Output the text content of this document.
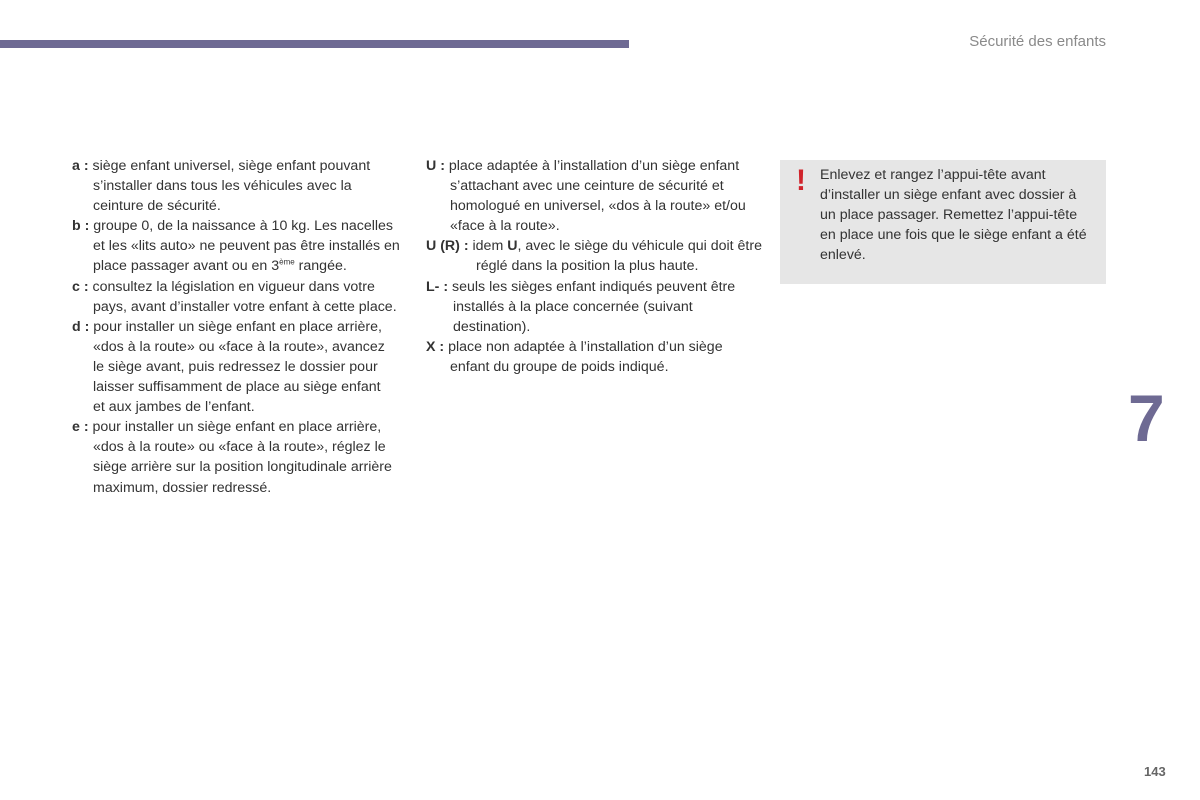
Sécurité des enfants

a : siège enfant universel, siège enfant pouvant s’installer dans tous les véhicules avec la ceinture de sécurité.

b : groupe 0, de la naissance à 10 kg. Les nacelles et les «lits auto» ne peuvent pas être installés en place passager avant ou en 3ème rangée.

c : consultez la législation en vigueur dans votre pays, avant d’installer votre enfant à cette place.

d : pour installer un siège enfant en place arrière, «dos à la route» ou «face à la route», avancez le siège avant, puis redressez le dossier pour laisser suffisamment de place au siège enfant et aux jambes de l’enfant.

e : pour installer un siège enfant en place arrière, «dos à la route» ou «face à la route», réglez le siège arrière sur la position longitudinale arrière maximum, dossier redressé.

U : place adaptée à l’installation d’un siège enfant s’attachant avec une ceinture de sécurité et homologué en universel, «dos à la route» et/ou «face à la route».

U (R) : idem U, avec le siège du véhicule qui doit être réglé dans la position la plus haute.

L- : seuls les sièges enfant indiqués peuvent être installés à la place concernée (suivant destination).

X : place non adaptée à l’installation d’un siège enfant du groupe de poids indiqué.

! Enlevez et rangez l’appui-tête avant d’installer un siège enfant avec dossier à un place passager. Remettez l’appui-tête en place une fois que le siège enfant a été enlevé.
7
143
